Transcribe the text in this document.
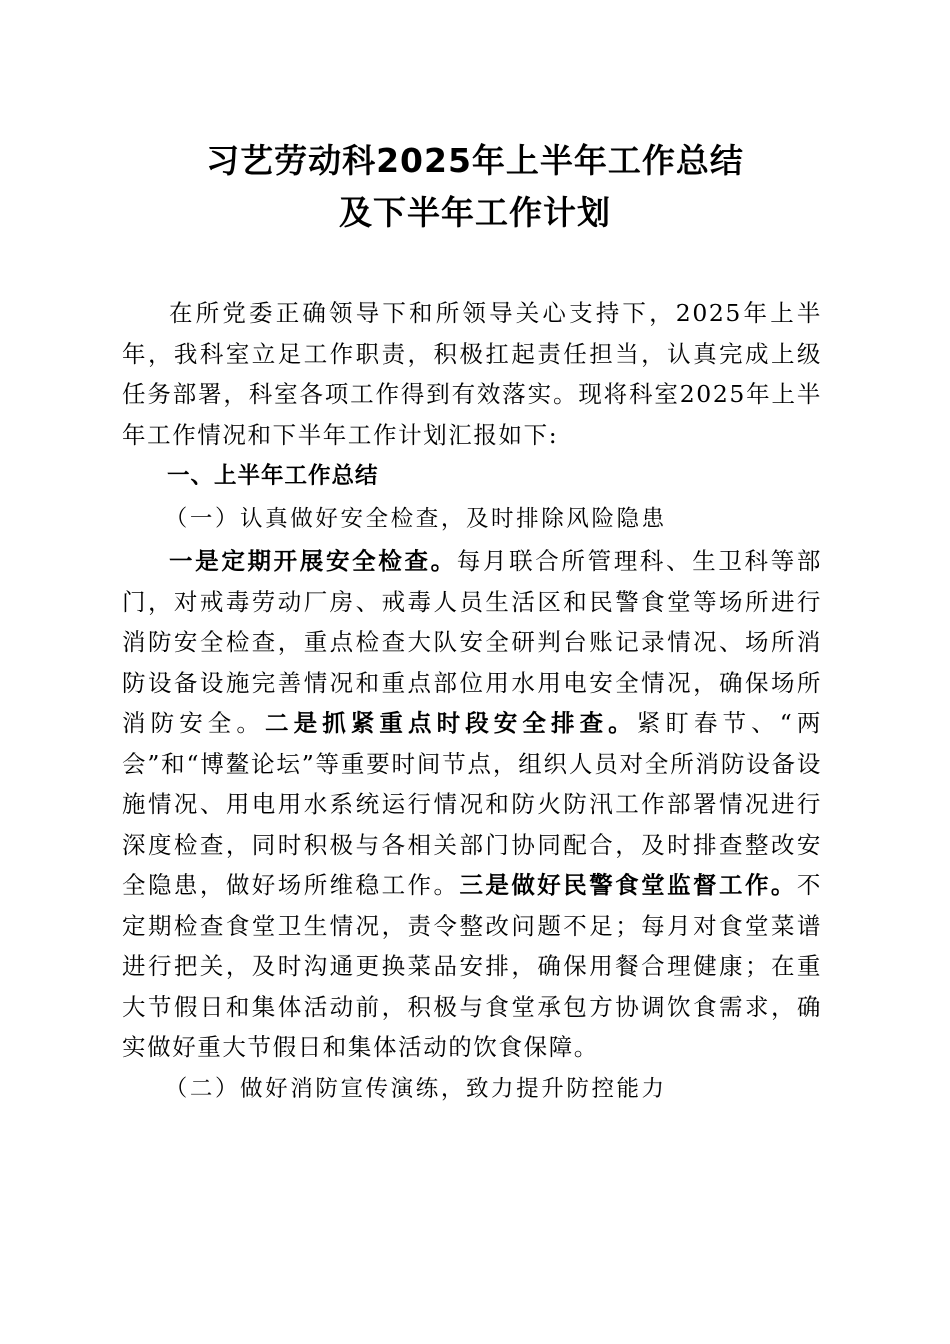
习艺劳动科2025年上半年工作总结
及下半年工作计划

在所党委正确领导下和所领导关心支持下，2025年上半年，我科室立足工作职责，积极扛起责任担当，认真完成上级任务部署，科室各项工作得到有效落实。现将科室2025年上半年工作情况和下半年工作计划汇报如下:

一、上半年工作总结

（一）认真做好安全检查，及时排除风险隐患

一是定期开展安全检查。每月联合所管理科、生卫科等部门，对戒毒劳动厂房、戒毒人员生活区和民警食堂等场所进行消防安全检查，重点检查大队安全研判台账记录情况、场所消防设备设施完善情况和重点部位用水用电安全情况，确保场所消防安全。二是抓紧重点时段安全排查。紧盯春节、“两会”和“博鳌论坛”等重要时间节点，组织人员对全所消防设备设施情况、用电用水系统运行情况和防火防汛工作部署情况进行深度检查，同时积极与各相关部门协同配合，及时排查整改安全隐患，做好场所维稳工作。三是做好民警食堂监督工作。不定期检查食堂卫生情况，责令整改问题不足；每月对食堂菜谱进行把关，及时沟通更换菜品安排，确保用餐合理健康；在重大节假日和集体活动前，积极与食堂承包方协调饮食需求，确实做好重大节假日和集体活动的饮食保障。

（二）做好消防宣传演练，致力提升防控能力
